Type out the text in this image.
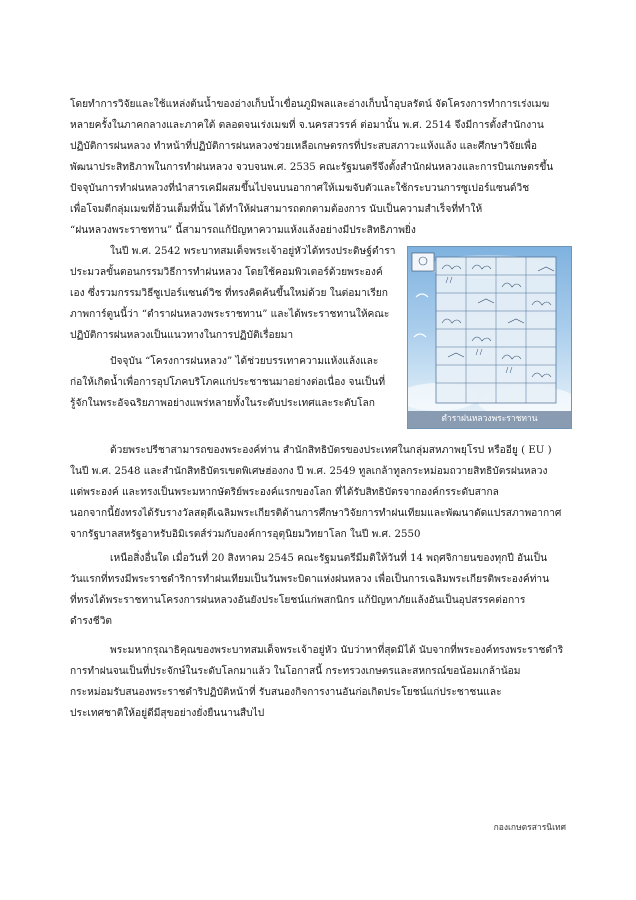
โดยทำการวิจัยและใช้แหล่งต้นน้ำของอ่างเก็บน้ำเขื่อนภูมิพลและอ่างเก็บน้ำอุบลรัตน์ จัดโครงการทำการเร่งเมฆ
หลายครั้งในภาคกลางและภาคใต้ ตลอดจนเร่งเมฆที่ จ.นครสวรรค์ ต่อมานั้น พ.ศ. 2514 จึงมีการตั้งสำนักงาน
ปฏิบัติการฝนหลวง ทำหน้าที่ปฏิบัติการฝนหลวงช่วยเหลือเกษตรกรที่ประสบสภาวะแห้งแล้ง และศึกษาวิจัยเพื่อ
พัฒนาประสิทธิภาพในการทำฝนหลวง จวบจนพ.ศ. 2535 คณะรัฐมนตรีจึงตั้งสำนักฝนหลวงและการบินเกษตรขึ้น
ปัจจุบันการทำฝนหลวงที่นำสารเคมีผสมขึ้นไปจนบนอากาศให้เมฆจับตัวและใช้กระบวนการซูเปอร์แซนด์วิช
เพื่อโจมตีกลุ่มเมฆที่อ้วนเต็มที่นั้น ได้ทำให้ฝนสามารถตกตามต้องการ นับเป็นความสำเร็จที่ทำให้
“ฝนหลวงพระราชทาน” นี้สามารถแก้ปัญหาความแห้งแล้งอย่างมีประสิทธิภาพยิ่ง
ในปี พ.ศ. 2542 พระบาทสมเด็จพระเจ้าอยู่หัวได้ทรงประดิษฐ์ตำรา
ประมวลขั้นตอนกรรมวิธีการทำฝนหลวง โดยใช้คอมพิวเตอร์ด้วยพระองค์
เอง ซึ่งรวมกรรมวิธีซูเปอร์แซนด์วิช ที่ทรงคิดค้นขึ้นใหม่ด้วย ในต่อมาเรียก
ภาพการ์ตูนนี้ว่า “ตำราฝนหลวงพระราชทาน” และได้พระราชทานให้คณะ
ปฏิบัติการฝนหลวงเป็นแนวทางในการปฏิบัติเรื่อยมา
ปัจจุบัน “โครงการฝนหลวง” ได้ช่วยบรรเทาความแห้งแล้งและ
ก่อให้เกิดน้ำเพื่อการอุปโภคบริโภคแก่ประชาชนมาอย่างต่อเนื่อง จนเป็นที่
รู้จักในพระอัจฉริยภาพอย่างแพร่หลายทั้งในระดับประเทศและระดับโลก
ตำราฝนหลวงพระราชทาน
ด้วยพระปรีชาสามารถของพระองค์ท่าน สำนักสิทธิบัตรของประเทศในกลุ่มสหภาพยุโรป หรืออียู ( EU )
ในปี พ.ศ. 2548 และสำนักสิทธิบัตรเขตพิเศษฮ่องกง ปี พ.ศ. 2549 ทูลเกล้าทูลกระหม่อมถวายสิทธิบัตรฝนหลวง
แด่พระองค์ และทรงเป็นพระมหากษัตริย์พระองค์แรกของโลก ที่ได้รับสิทธิบัตรจากองค์กรระดับสากล
นอกจากนี้ยังทรงได้รับรางวัลสดุดีเฉลิมพระเกียรติด้านการศึกษาวิจัยการทำฝนเทียมและพัฒนาดัดแปรสภาพอากาศ
จากรัฐบาลสหรัฐอาหรับอิมิเรตส์ร่วมกับองค์การอุตุนิยมวิทยาโลก ในปี พ.ศ. 2550
เหนือสิ่งอื่นใด เมื่อวันที่ 20 สิงหาคม 2545 คณะรัฐมนตรีมีมติให้วันที่ 14 พฤศจิกายนของทุกปี อันเป็น
วันแรกที่ทรงมีพระราชดำริการทำฝนเทียมเป็นวันพระบิดาแห่งฝนหลวง เพื่อเป็นการเฉลิมพระเกียรติพระองค์ท่าน
ที่ทรงได้พระราชทานโครงการฝนหลวงอันยังประโยชน์แก่พสกนิกร แก้ปัญหาภัยแล้งอันเป็นอุปสรรคต่อการ
ดำรงชีวิต
พระมหากรุณาธิคุณของพระบาทสมเด็จพระเจ้าอยู่หัว นับว่าหาที่สุดมิได้ นับจากที่พระองค์ทรงพระราชดำริ
การทำฝนจนเป็นที่ประจักษ์ในระดับโลกมาแล้ว ในโอกาสนี้ กระทรวงเกษตรและสหกรณ์ขอน้อมเกล้าน้อม
กระหม่อมรับสนองพระราชดำริปฏิบัติหน้าที่ รับสนองกิจการงานอันก่อเกิดประโยชน์แก่ประชาชนและ
ประเทศชาติให้อยู่ดีมีสุขอย่างยั่งยืนนานสืบไป
กองเกษตรสารนิเทศ
